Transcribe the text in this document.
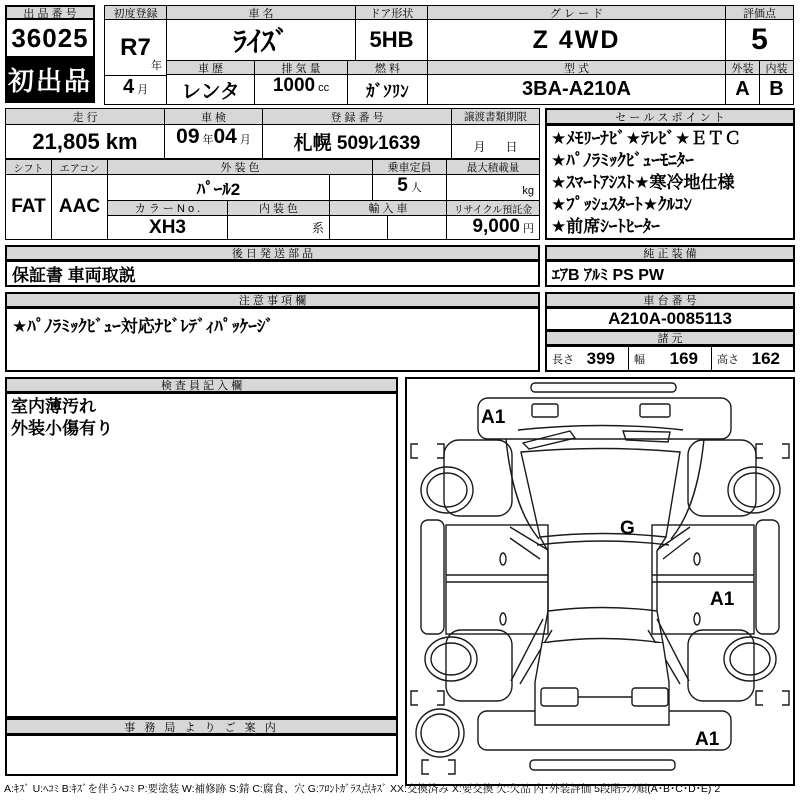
出 品 番 号
36025
初出品
初度登録
R7
年
4 月
車 名
ﾗｲｽﾞ
ドア形状
5HB
グ レ ー ド
Z 4WD
評価点
5
車 歴
レンタ
排 気 量
1000 cc
燃 料
ｶﾞｿﾘﾝ
型 式
3BA-A210A
外装	内装
A B
走 行
21,805 km
車 検
09 年 04 月
登 録 番 号
札幌 509ﾚ1639
譲渡書類期限
月 日
シフト
FAT
エアコン
AAC
外 装 色
ﾊﾟｰﾙ2
乗車定員
5 人
最大積載量
kg
カ ラ ー N o .
XH3
内 装 色
系
輸 入 車	リサイクル預託金
9,000 円
セ ー ル ス ポ イ ン ト
★ﾒﾓﾘｰﾅﾋﾞ★ﾃﾚﾋﾞ★ＥＴＣ
★ﾊﾟﾉﾗﾐｯｸﾋﾞｭｰﾓﾆﾀｰ
★ｽﾏｰﾄｱｼｽﾄ★寒冷地仕様
★ﾌﾟｯｼｭｽﾀｰﾄ★ｸﾙｺﾝ
★前席ｼｰﾄﾋｰﾀｰ
後 日 発 送 部 品
保証書 車両取説
純 正 装 備
ｴｱB ｱﾙﾐ PS PW
注 意 事 項 欄
★ﾊﾟﾉﾗﾐｯｸﾋﾞｭｰ対応ﾅﾋﾞﾚﾃﾞｨﾊﾟｯｹｰｼﾞ
車 台 番 号
A210A-0085113
諸 元
長さ 399 幅 169 高さ 162
検 査 員 記 入 欄
室内薄汚れ
外装小傷有り
事 務 局 よ り ご 案 内
A1
G
A1
A1
A:ｷｽﾞ U:ﾍｺﾐ B:ｷｽﾞを伴うﾍｺﾐ P:要塗装 W:補修跡 S:錆 C:腐食、穴 G:ﾌﾛﾝﾄｶﾞﾗｽ点ｷｽﾞ XX:交換済み X:要交換 欠:欠品 内･外装評価 5段階ﾗﾝｸ順(A･B･C･D･E) 2
